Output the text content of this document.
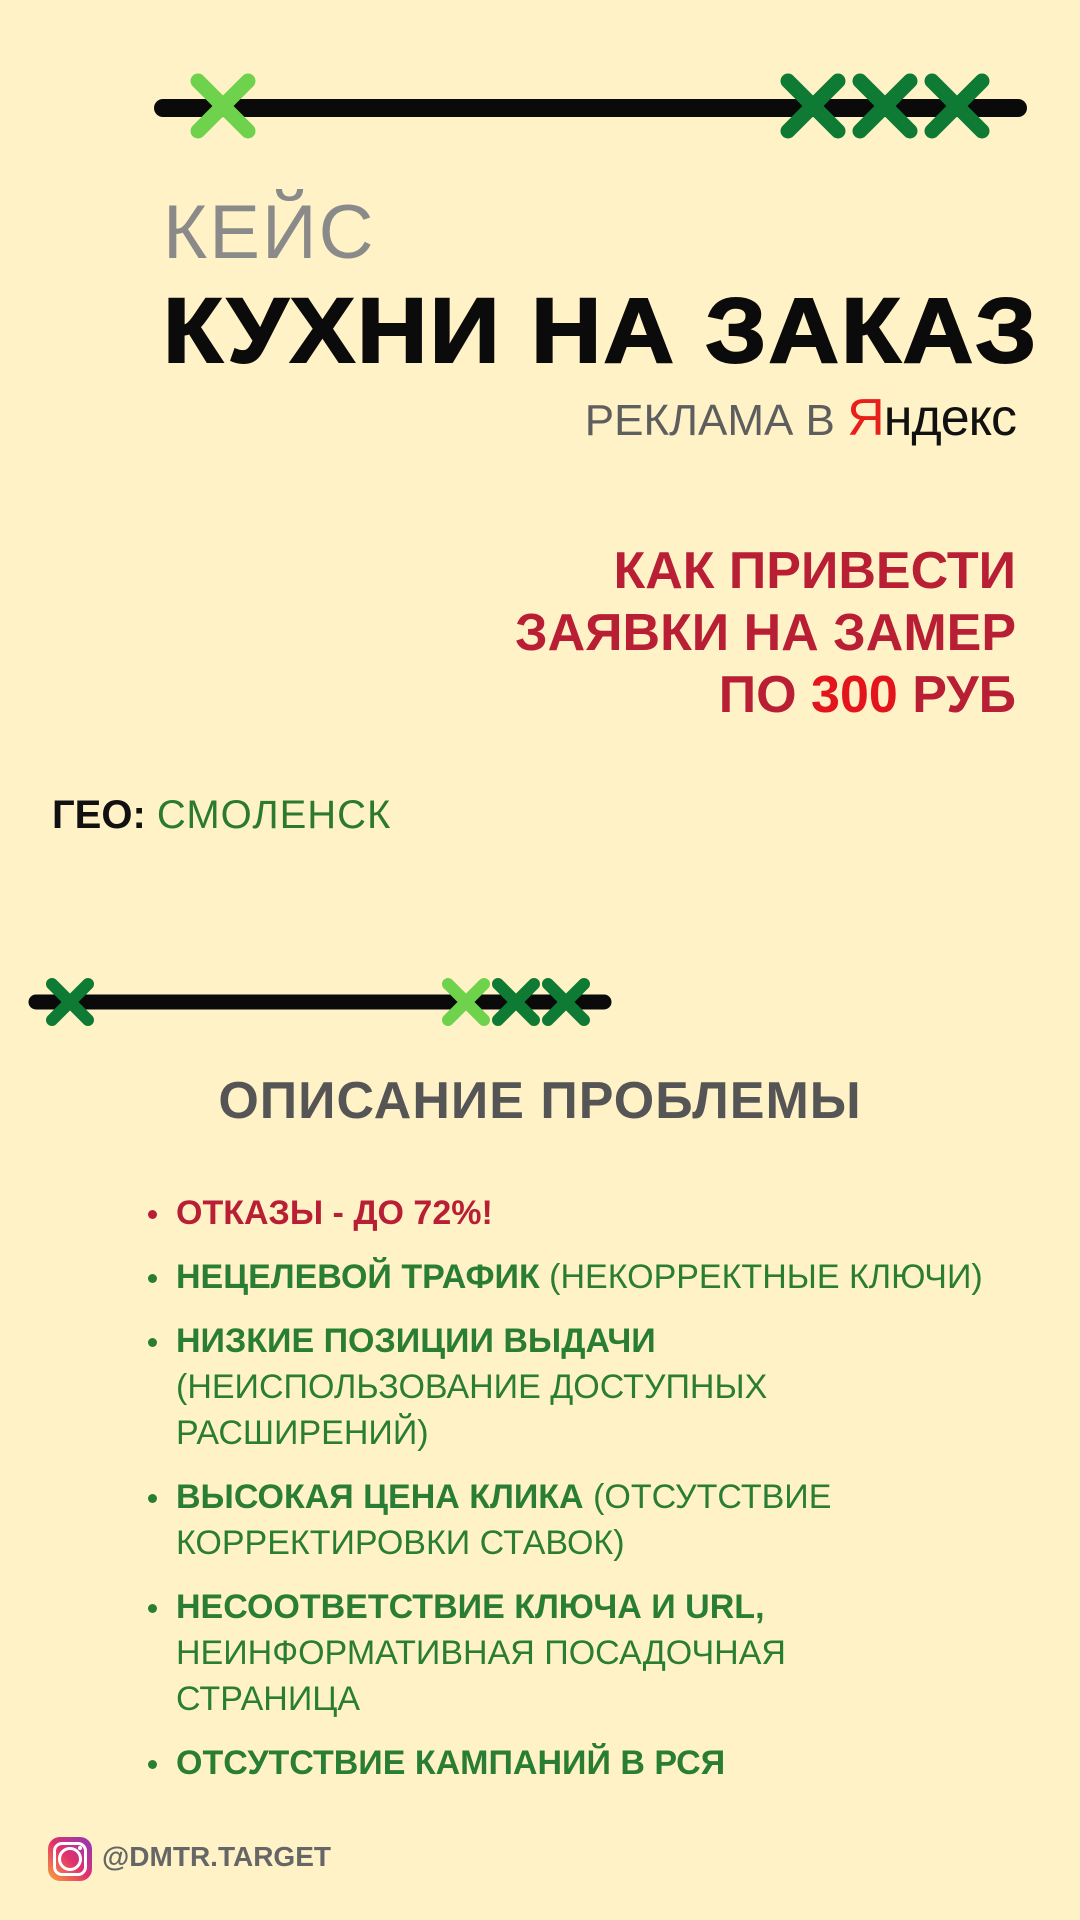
КЕЙС
КУХНИ НА ЗАКАЗ
РЕКЛАМА В Яндекс
КАК ПРИВЕСТИ
ЗАЯВКИ НА ЗАМЕР
ПО 300 РУБ
ГЕО: СМОЛЕНСК
ОПИСАНИЕ ПРОБЛЕМЫ
ОТКАЗЫ - ДО 72%!
НЕЦЕЛЕВОЙ ТРАФИК (НЕКОРРЕКТНЫЕ КЛЮЧИ)
НИЗКИЕ ПОЗИЦИИ ВЫДАЧИ (НЕИСПОЛЬЗОВАНИЕ ДОСТУПНЫХ РАСШИРЕНИЙ)
ВЫСОКАЯ ЦЕНА КЛИКА (ОТСУТСТВИЕ КОРРЕКТИРОВКИ СТАВОК)
НЕСООТВЕТСТВИЕ КЛЮЧА И URL, НЕИНФОРМАТИВНАЯ ПОСАДОЧНАЯ СТРАНИЦА
ОТСУТСТВИЕ КАМПАНИЙ В РСЯ
@DMTR.TARGET
